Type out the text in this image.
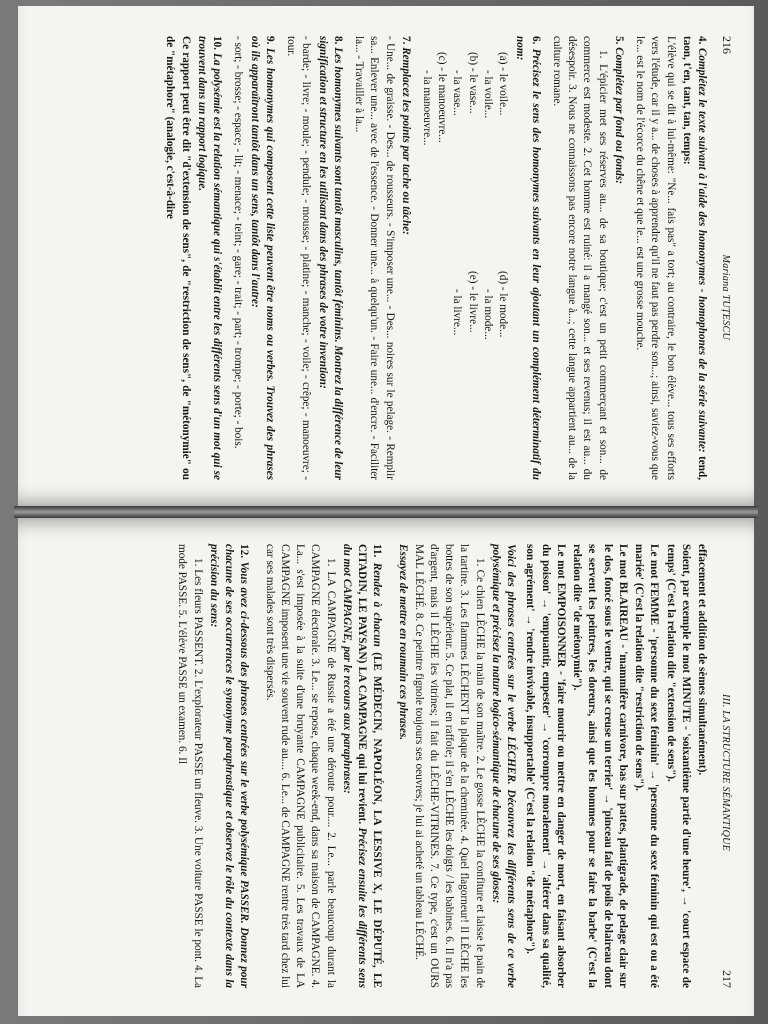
216
Mariana TUȚESCU

4. Complétez le texte suivant à l'aide des homonymes - homophones de la série suivante: tend, taon, t'en, tant, tan, temps:

L'élève qui se dit à lui-même: "Ne... fais pas" a tort; au contraire, le bon élève... tous ses efforts vers l'étude, car il y a... de choses à apprendre qu'il ne faut pas perdre son...; ainsi, saviez-vous que le... est le nom de l'écorce du chêne et que le... est une grosse mouche.

5. Complétez par fond ou fonds:

1. L'épicier met ses réserves au... de sa boutique; c'est un petit commerçant et son... de commerce est modeste. 2. Cet homme est ruiné: il a mangé son... et ses revenus; il est au... du désespoir. 3. Nous ne connaissons pas encore notre langue à...; cette langue appartient au... de la culture romane.

6. Précisez le sens des homonymes suivants en leur ajoutant un complément déterminatif du nom:

(a) - le voile...
(d) - le mode...
- la voile...
- la mode...
(b) - le vase...
(e) - le livre...
- la vase...
- la livre...
(c) - le manoeuvre...
- la manoeuvre...

7. Remplacez les points par tache ou tâche:

- Une... de graisse. - Des... de rousseurs. - S'imposer une... - Des... noires sur le pelage. - Remplir sa... Enlever une... avec de l'essence. - Donner une... à quelqu'un. - Faire une... d'encre. - Faciliter la... - Travailler à la...

8. Les homonymes suivants sont tantôt masculins, tantôt féminins. Montrez la différence de leur signification et structure en les utilisant dans des phrases de votre invention:

- barde; - livre; - moule; - pendule; - mousse; - platine; - manche; - voile; - crêpe; - manoeuvre; - tour.

9. Les homonymes qui composent cette liste peuvent être noms ou verbes. Trouvez des phrases où ils apparaîtront tantôt dans un sens, tantôt dans l'autre:

- sort; - brosse; - espace; - lit; - menace; - teint; - gare; - trait; - part; - trompe; - porte; - bois.

10. La polysémie est la relation sémantique qui s'établit entre les différents sens d'un mot qui se trouvent dans un rapport logique.

Ce rapport peut être dit "d'extension de sens", de "restriction de sens", de "métonymie" ou de "métaphore" (analogie, c'est-à-dire

III. LA STRUCTURE SÉMANTIQUE
217

effacement et addition de sèmes simultanément).

Soient, par exemple le mot MINUTE - 'soixantième partie d'une heure', → 'court espace de temps' (C'est la relation dite "extension de sens").

Le mot FEMME - 'personne du sexe féminin' → 'personne du sexe féminin qui est ou a été mariée' (C'est la relation dite "restriction de sens").

Le mot BLAIREAU - 'mammifère carnivore, bas sur pattes, plantigrade, de pelage clair sur le dos, foncé sous le ventre, qui se creuse un terrier' → 'pinceau fait de poils de blaireau dont se servent les peintres, les doreurs, ainsi que les hommes pour se faire la barbe' (C'est la relation dite "de métonymie").

Le mot EMPOISONNER - 'faire mourir ou mettre en danger de mort, en faisant absorber du poison' → 'empuantir, empester' → 'corrompre moralement' → 'altérer dans sa qualité, son agrément' → 'rendre invivable, insupportable' (C'est la relation "de métaphore").

Voici des phrases centrées sur le verbe LÉCHER. Découvrez les différents sens de ce verbe polysémique et précisez la nature logico-sémantique de chacune de ses gloses:

1. Ce chien LÈCHE la main de son maître. 2. Le gosse LÈCHE la confiture et laisse le pain de la tartine. 3. Les flammes LÈCHENT la plaque de la cheminée. 4. Quel flagorneur! Il LÈCHE les bottes de son supérieur. 5. Ce plat, il en raffole; il s'en LÈCHE les doigts / les babines. 6. Il n'a pas d'argent, mais il LÈCHE les vitrines; il fait du LÈCHE-VITRINES. 7. Ce type, c'est un OURS MAL LÉCHÉ. 8. Ce peintre fignole toujours ses oeuvres; je lui ai acheté un tableau LÉCHÉ.

Essayez de mettre en roumain ces phrases.

11. Rendez à chacun (LE MÉDECIN, NAPOLÉON, LA LESSIVE X, LE DÉPUTÉ, LE CITADIN, LE PAYSAN) LA CAMPAGNE qui lui revient. Précisez ensuite les différents sens du mot CAMPAGNE, par le recours aux paraphrases:

1. LA CAMPAGNE de Russie a été une déroute pour.... 2. Le... parle beaucoup durant la CAMPAGNE électorale. 3. Le... se repose, chaque week-end, dans sa maison de CAMPAGNE. 4. La... s'est imposée à la suite d'une bruyante CAMPAGNE publicitaire. 5. Les travaux de LA CAMPAGNE imposent une vie souvent rude au.... 6. Le... de CAMPAGNE rentre très tard chez lui car ses malades sont très dispersés.

12. Vous avez ci-dessous des phrases centrées sur le verbe polysémique PASSER. Donnez pour chacune de ses occurrences le synonyme paraphrastique et observez le rôle du contexte dans la précision du sens:

1. Les fleurs PASSENT. 2. L'explorateur PASSE un fleuve. 3. Une voiture PASSE le pont. 4. La mode PASSE. 5. L'élève PASSE un examen. 6. Il
